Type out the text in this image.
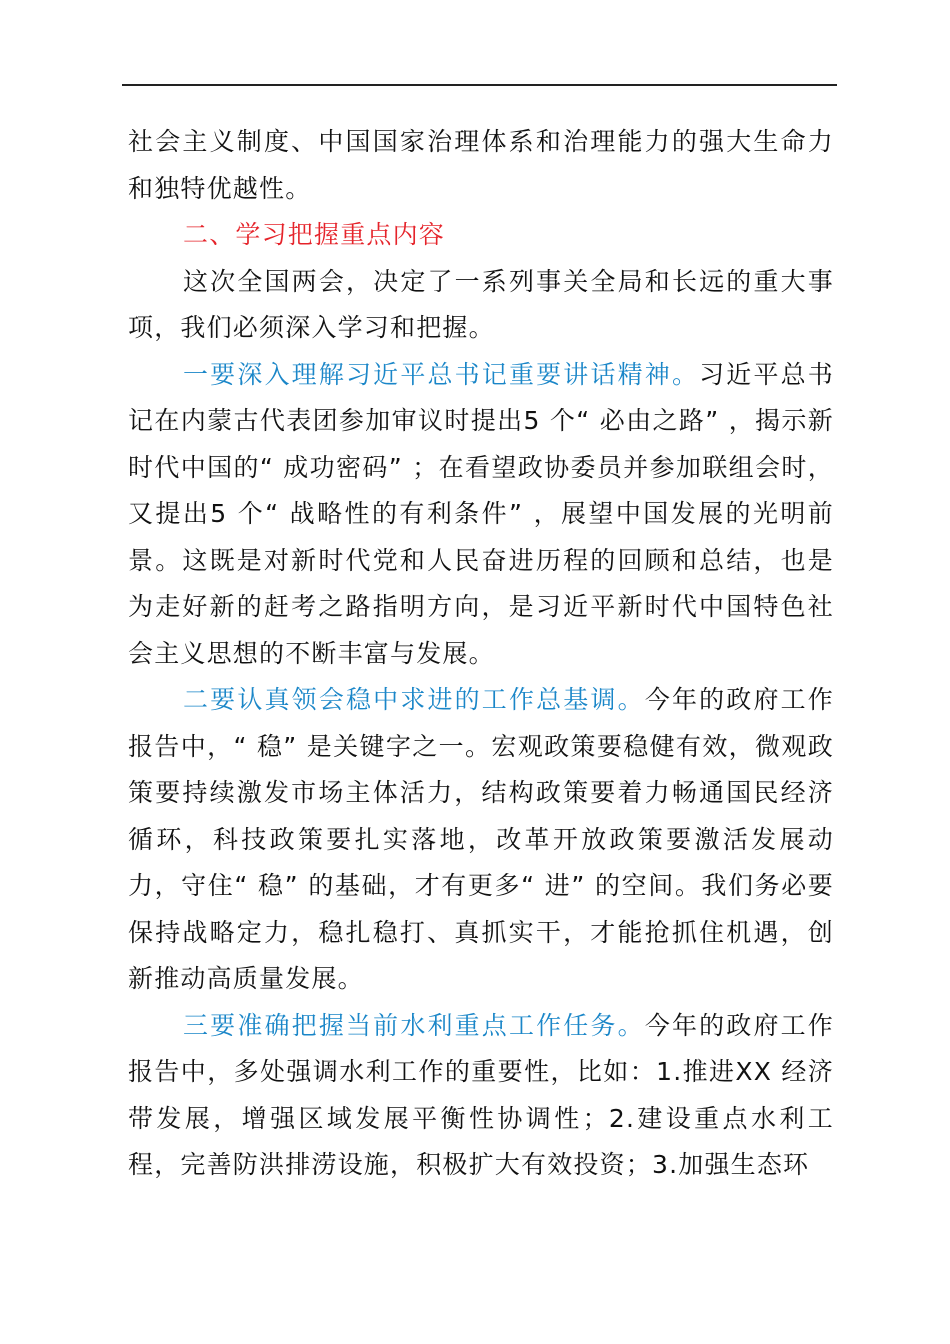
社会主义制度、中国国家治理体系和治理能力的强大生命力和独特优越性。

二、学习把握重点内容

这次全国两会，决定了一系列事关全局和长远的重大事项，我们必须深入学习和把握。

一要深入理解习近平总书记重要讲话精神。习近平总书记在内蒙古代表团参加审议时提出5 个“ 必由之路” ，揭示新时代中国的“ 成功密码” ；在看望政协委员并参加联组会时，又提出5 个“ 战略性的有利条件” ，展望中国发展的光明前景。这既是对新时代党和人民奋进历程的回顾和总结，也是为走好新的赶考之路指明方向，是习近平新时代中国特色社会主义思想的不断丰富与发展。

二要认真领会稳中求进的工作总基调。今年的政府工作报告中，“ 稳” 是关键字之一。宏观政策要稳健有效，微观政策要持续激发市场主体活力，结构政策要着力畅通国民经济循环，科技政策要扎实落地，改革开放政策要激活发展动力，守住“ 稳” 的基础，才有更多“ 进” 的空间。我们务必要保持战略定力，稳扎稳打、真抓实干，才能抢抓住机遇，创新推动高质量发展。

三要准确把握当前水利重点工作任务。今年的政府工作报告中，多处强调水利工作的重要性，比如：1.推进XX 经济带发展，增强区域发展平衡性协调性；2.建设重点水利工程，完善防洪排涝设施，积极扩大有效投资；3.加强生态环
